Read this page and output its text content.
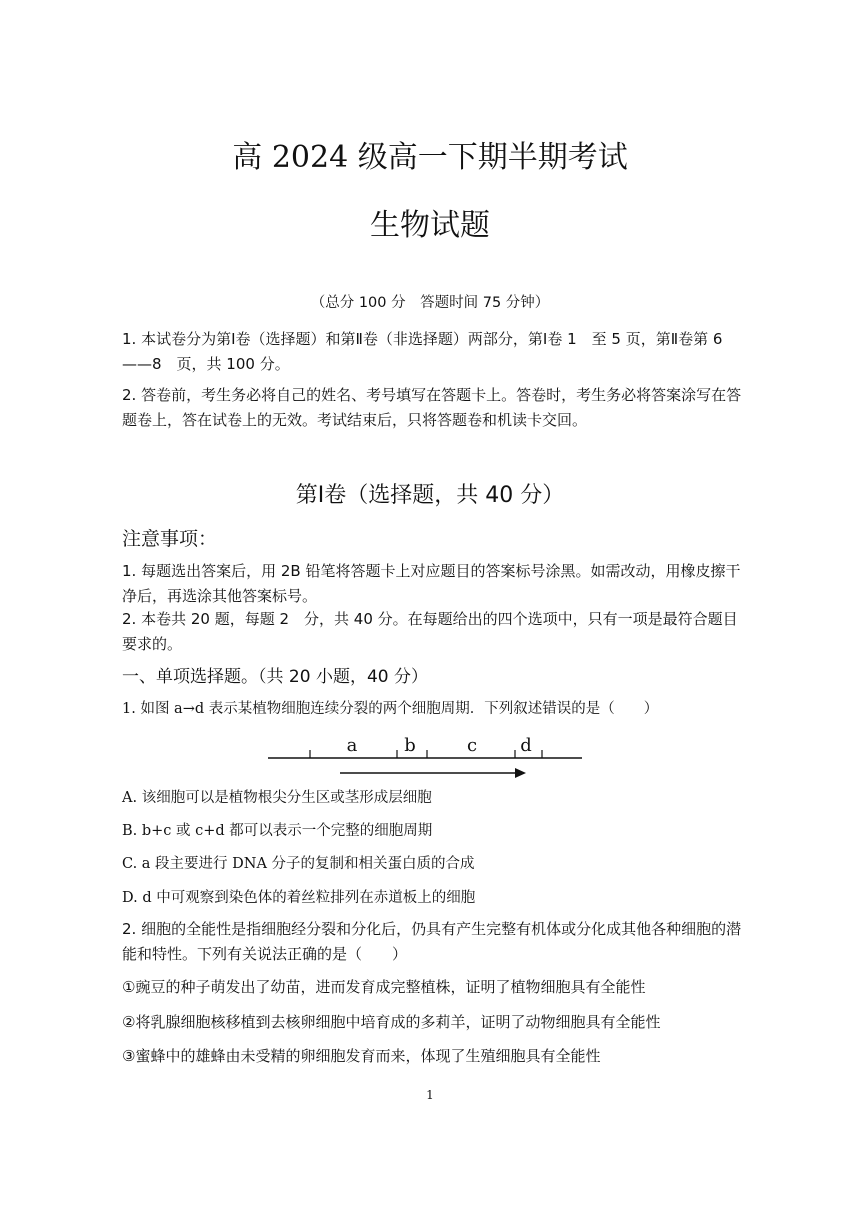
高 2024 级高一下期半期考试
生物试题
（总分 100 分　答题时间 75 分钟）
1. 本试卷分为第Ⅰ卷（选择题）和第Ⅱ卷（非选择题）两部分，第Ⅰ卷 1　至 5 页，第Ⅱ卷第 6——8　页，共 100 分。
2. 答卷前，考生务必将自己的姓名、考号填写在答题卡上。答卷时，考生务必将答案涂写在答题卷上，答在试卷上的无效。考试结束后，只将答题卷和机读卡交回。
第Ⅰ卷（选择题，共 40 分）
注意事项：
1. 每题选出答案后，用 2B 铅笔将答题卡上对应题目的答案标号涂黑。如需改动，用橡皮擦干净后，再选涂其他答案标号。
2. 本卷共 20 题，每题 2　分，共 40 分。在每题给出的四个选项中，只有一项是最符合题目要求的。
一、单项选择题。（共 20 小题，40 分）
1. 如图 a→d 表示某植物细胞连续分裂的两个细胞周期．下列叙述错误的是（　　）
a	b	c d
A. 该细胞可以是植物根尖分生区或茎形成层细胞
B. b+c 或 c+d 都可以表示一个完整的细胞周期
C. a 段主要进行 DNA 分子的复制和相关蛋白质的合成
D. d 中可观察到染色体的着丝粒排列在赤道板上的细胞
2. 细胞的全能性是指细胞经分裂和分化后，仍具有产生完整有机体或分化成其他各种细胞的潜能和特性。下列有关说法正确的是（　　）
①豌豆的种子萌发出了幼苗，进而发育成完整植株，证明了植物细胞具有全能性
②将乳腺细胞核移植到去核卵细胞中培育成的多莉羊，证明了动物细胞具有全能性
③蜜蜂中的雄蜂由未受精的卵细胞发育而来，体现了生殖细胞具有全能性
1
